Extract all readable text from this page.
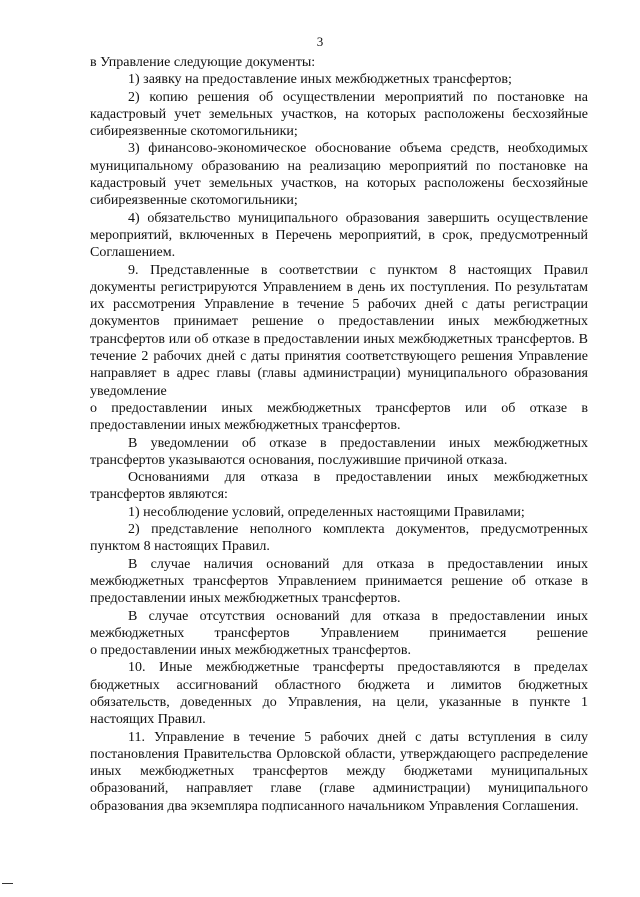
3

в Управление следующие документы:

1) заявку на предоставление иных межбюджетных трансфертов;

2) копию решения об осуществлении мероприятий по постановке на кадастровый учет земельных участков, на которых расположены бесхозяйные сибиреязвенные скотомогильники;

3) финансово-экономическое обоснование объема средств, необходимых муниципальному образованию на реализацию мероприятий по постановке на кадастровый учет земельных участков, на которых расположены бесхозяйные сибиреязвенные скотомогильники;

4) обязательство муниципального образования завершить осуществление мероприятий, включенных в Перечень мероприятий, в срок, предусмотренный Соглашением.

9. Представленные в соответствии с пунктом 8 настоящих Правил документы регистрируются Управлением в день их поступления. По результатам их рассмотрения Управление в течение 5 рабочих дней с даты регистрации документов принимает решение о предоставлении иных межбюджетных трансфертов или об отказе в предоставлении иных межбюджетных трансфертов. В течение 2 рабочих дней с даты принятия соответствующего решения Управление направляет в адрес главы (главы администрации) муниципального образования уведомление

о предоставлении иных межбюджетных трансфертов или об отказе в предоставлении иных межбюджетных трансфертов.

В уведомлении об отказе в предоставлении иных межбюджетных трансфертов указываются основания, послужившие причиной отказа.

Основаниями для отказа в предоставлении иных межбюджетных трансфертов являются:

1) несоблюдение условий, определенных настоящими Правилами;

2) представление неполного комплекта документов, предусмотренных пунктом 8 настоящих Правил.

В случае наличия оснований для отказа в предоставлении иных межбюджетных трансфертов Управлением принимается решение об отказе в предоставлении иных межбюджетных трансфертов.

В случае отсутствия оснований для отказа в предоставлении иных межбюджетных трансфертов Управлением принимается решение

о предоставлении иных межбюджетных трансфертов.

10. Иные межбюджетные трансферты предоставляются в пределах бюджетных ассигнований областного бюджета и лимитов бюджетных обязательств, доведенных до Управления, на цели, указанные в пункте 1 настоящих Правил.

11. Управление в течение 5 рабочих дней с даты вступления в силу постановления Правительства Орловской области, утверждающего распределение иных межбюджетных трансфертов между бюджетами муниципальных образований, направляет главе (главе администрации) муниципального образования два экземпляра подписанного начальником Управления Соглашения.
